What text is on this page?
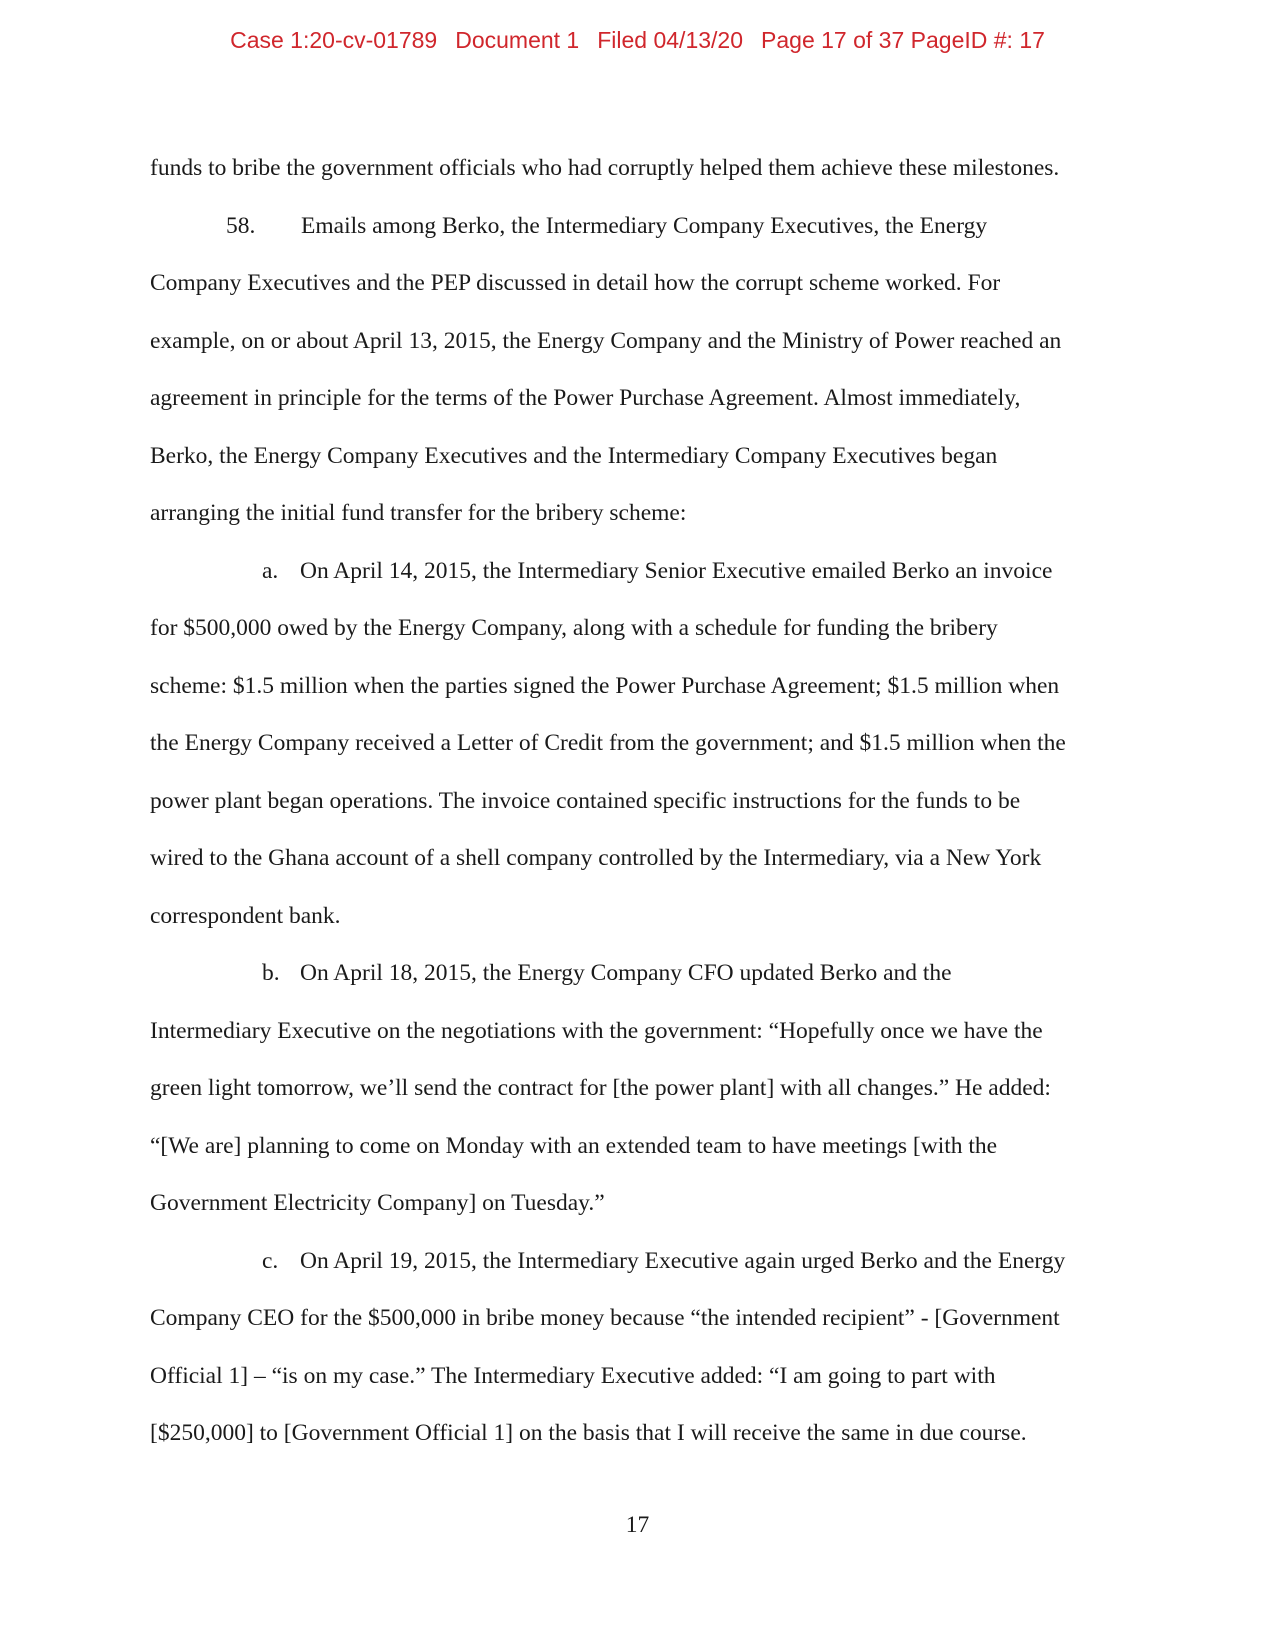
Case 1:20-cv-01789 Document 1 Filed 04/13/20 Page 17 of 37 PageID #: 17
funds to bribe the government officials who had corruptly helped them achieve these milestones.
58. Emails among Berko, the Intermediary Company Executives, the Energy
Company Executives and the PEP discussed in detail how the corrupt scheme worked. For
example, on or about April 13, 2015, the Energy Company and the Ministry of Power reached an
agreement in principle for the terms of the Power Purchase Agreement. Almost immediately,
Berko, the Energy Company Executives and the Intermediary Company Executives began
arranging the initial fund transfer for the bribery scheme:
a. On April 14, 2015, the Intermediary Senior Executive emailed Berko an invoice
for $500,000 owed by the Energy Company, along with a schedule for funding the bribery
scheme: $1.5 million when the parties signed the Power Purchase Agreement; $1.5 million when
the Energy Company received a Letter of Credit from the government; and $1.5 million when the
power plant began operations. The invoice contained specific instructions for the funds to be
wired to the Ghana account of a shell company controlled by the Intermediary, via a New York
correspondent bank.
b. On April 18, 2015, the Energy Company CFO updated Berko and the
Intermediary Executive on the negotiations with the government: “Hopefully once we have the
green light tomorrow, we’ll send the contract for [the power plant] with all changes.” He added:
“[We are] planning to come on Monday with an extended team to have meetings [with the
Government Electricity Company] on Tuesday.”
c. On April 19, 2015, the Intermediary Executive again urged Berko and the Energy
Company CEO for the $500,000 in bribe money because “the intended recipient” - [Government
Official 1] – “is on my case.” The Intermediary Executive added: “I am going to part with
[$250,000] to [Government Official 1] on the basis that I will receive the same in due course.
17
